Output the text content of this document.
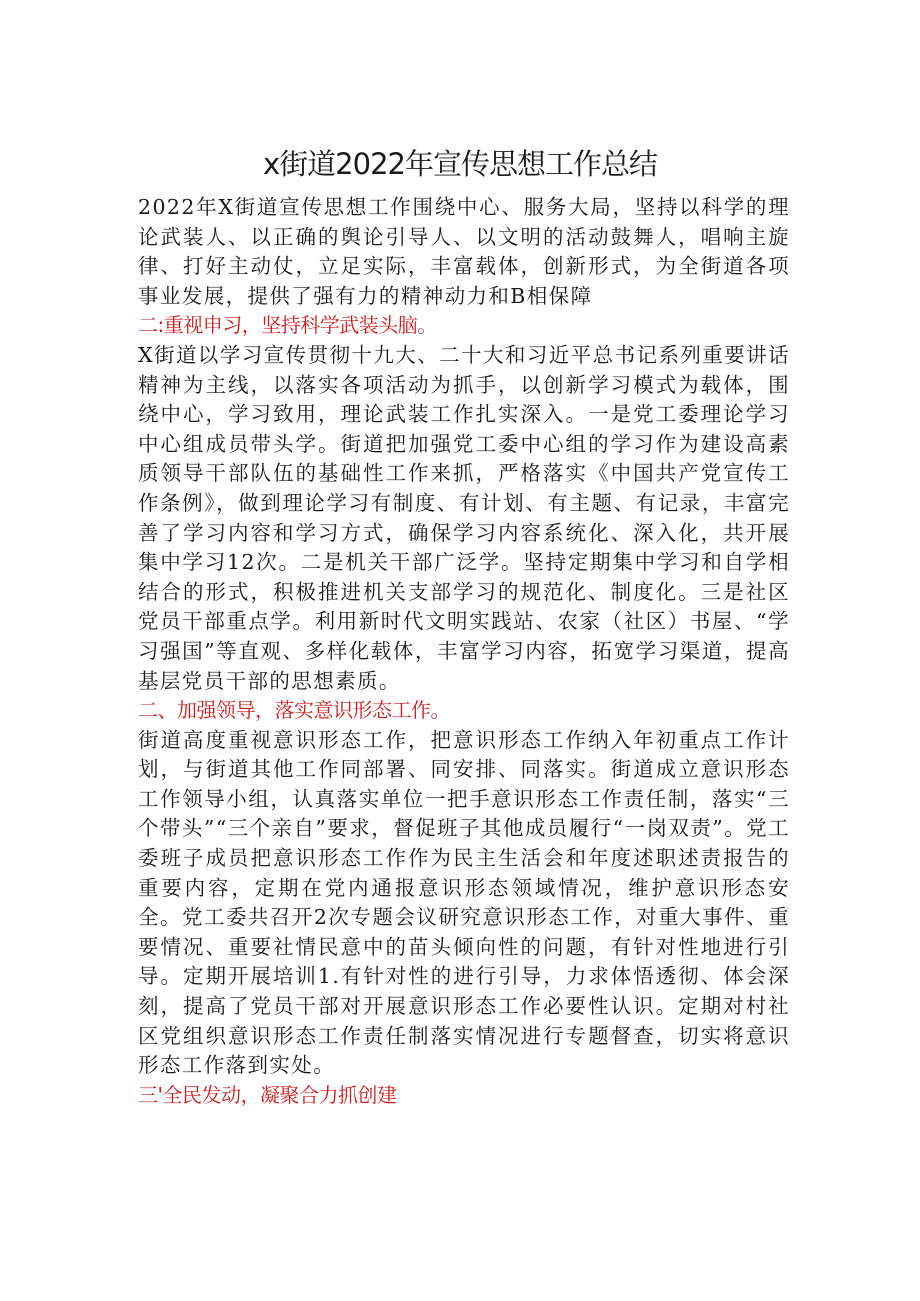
x街道2022年宣传思想工作总结

2022年X街道宣传思想工作围绕中心、服务大局，坚持以科学的理论武装人、以正确的舆论引导人、以文明的活动鼓舞人，唱响主旋律、打好主动仗，立足实际，丰富载体，创新形式，为全街道各项事业发展，提供了强有力的精神动力和B相保障

二:重视申习，坚持科学武装头脑。

X街道以学习宣传贯彻十九大、二十大和习近平总书记系列重要讲话精神为主线，以落实各项活动为抓手，以创新学习模式为载体，围绕中心，学习致用，理论武装工作扎实深入。一是党工委理论学习中心组成员带头学。街道把加强党工委中心组的学习作为建设高素质领导干部队伍的基础性工作来抓，严格落实《中国共产党宣传工作条例》，做到理论学习有制度、有计划、有主题、有记录，丰富完善了学习内容和学习方式，确保学习内容系统化、深入化，共开展集中学习12次。二是机关干部广泛学。坚持定期集中学习和自学相结合的形式，积极推进机关支部学习的规范化、制度化。三是社区党员干部重点学。利用新时代文明实践站、农家（社区）书屋、“学习强国”等直观、多样化载体，丰富学习内容，拓宽学习渠道，提高基层党员干部的思想素质。

二、加强领导，落实意识形态工作。

街道高度重视意识形态工作，把意识形态工作纳入年初重点工作计划，与街道其他工作同部署、同安排、同落实。街道成立意识形态工作领导小组，认真落实单位一把手意识形态工作责任制，落实“三个带头”“三个亲自”要求，督促班子其他成员履行“一岗双责”。党工委班子成员把意识形态工作作为民主生活会和年度述职述责报告的重要内容，定期在党内通报意识形态领域情况，维护意识形态安全。党工委共召开2次专题会议研究意识形态工作，对重大事件、重要情况、重要社情民意中的苗头倾向性的问题，有针对性地进行引导。定期开展培训1.有针对性的进行引导，力求体悟透彻、体会深刻，提高了党员干部对开展意识形态工作必要性认识。定期对村社区党组织意识形态工作责任制落实情况进行专题督查，切实将意识形态工作落到实处。

三'全民发动，凝聚合力抓创建
